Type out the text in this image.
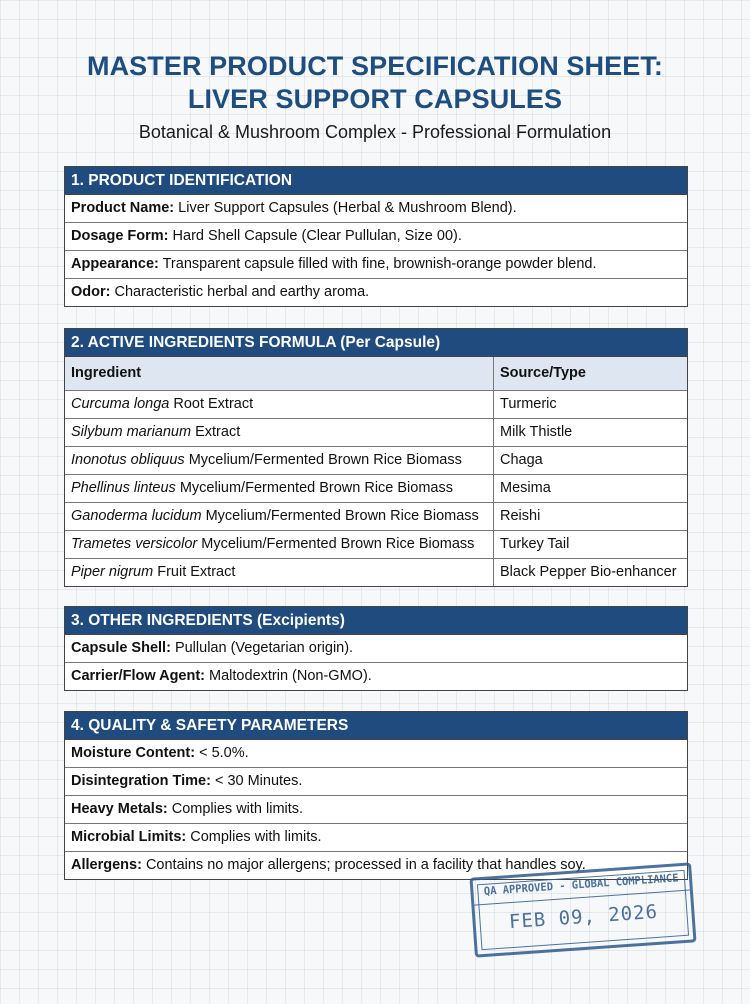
MASTER PRODUCT SPECIFICATION SHEET:
LIVER SUPPORT CAPSULES
Botanical & Mushroom Complex - Professional Formulation
1. PRODUCT IDENTIFICATION
Product Name: Liver Support Capsules (Herbal & Mushroom Blend).
Dosage Form: Hard Shell Capsule (Clear Pullulan, Size 00).
Appearance: Transparent capsule filled with fine, brownish-orange powder blend.
Odor: Characteristic herbal and earthy aroma.
2. ACTIVE INGREDIENTS FORMULA (Per Capsule)
Ingredient	Source/Type
Curcuma longa Root Extract	Turmeric
Silybum marianum Extract	Milk Thistle
Inonotus obliquus Mycelium/Fermented Brown Rice Biomass	Chaga
Phellinus linteus Mycelium/Fermented Brown Rice Biomass	Mesima
Ganoderma lucidum Mycelium/Fermented Brown Rice Biomass	Reishi
Trametes versicolor Mycelium/Fermented Brown Rice Biomass	Turkey Tail
Piper nigrum Fruit Extract	Black Pepper Bio-enhancer
3. OTHER INGREDIENTS (Excipients)
Capsule Shell: Pullulan (Vegetarian origin).
Carrier/Flow Agent: Maltodextrin (Non-GMO).
4. QUALITY & SAFETY PARAMETERS
Moisture Content: < 5.0%.
Disintegration Time: < 30 Minutes.
Heavy Metals: Complies with limits.
Microbial Limits: Complies with limits.
Allergens: Contains no major allergens; processed in a facility that handles soy.
QA APPROVED - GLOBAL COMPLIANCE
FEB 09, 2026
